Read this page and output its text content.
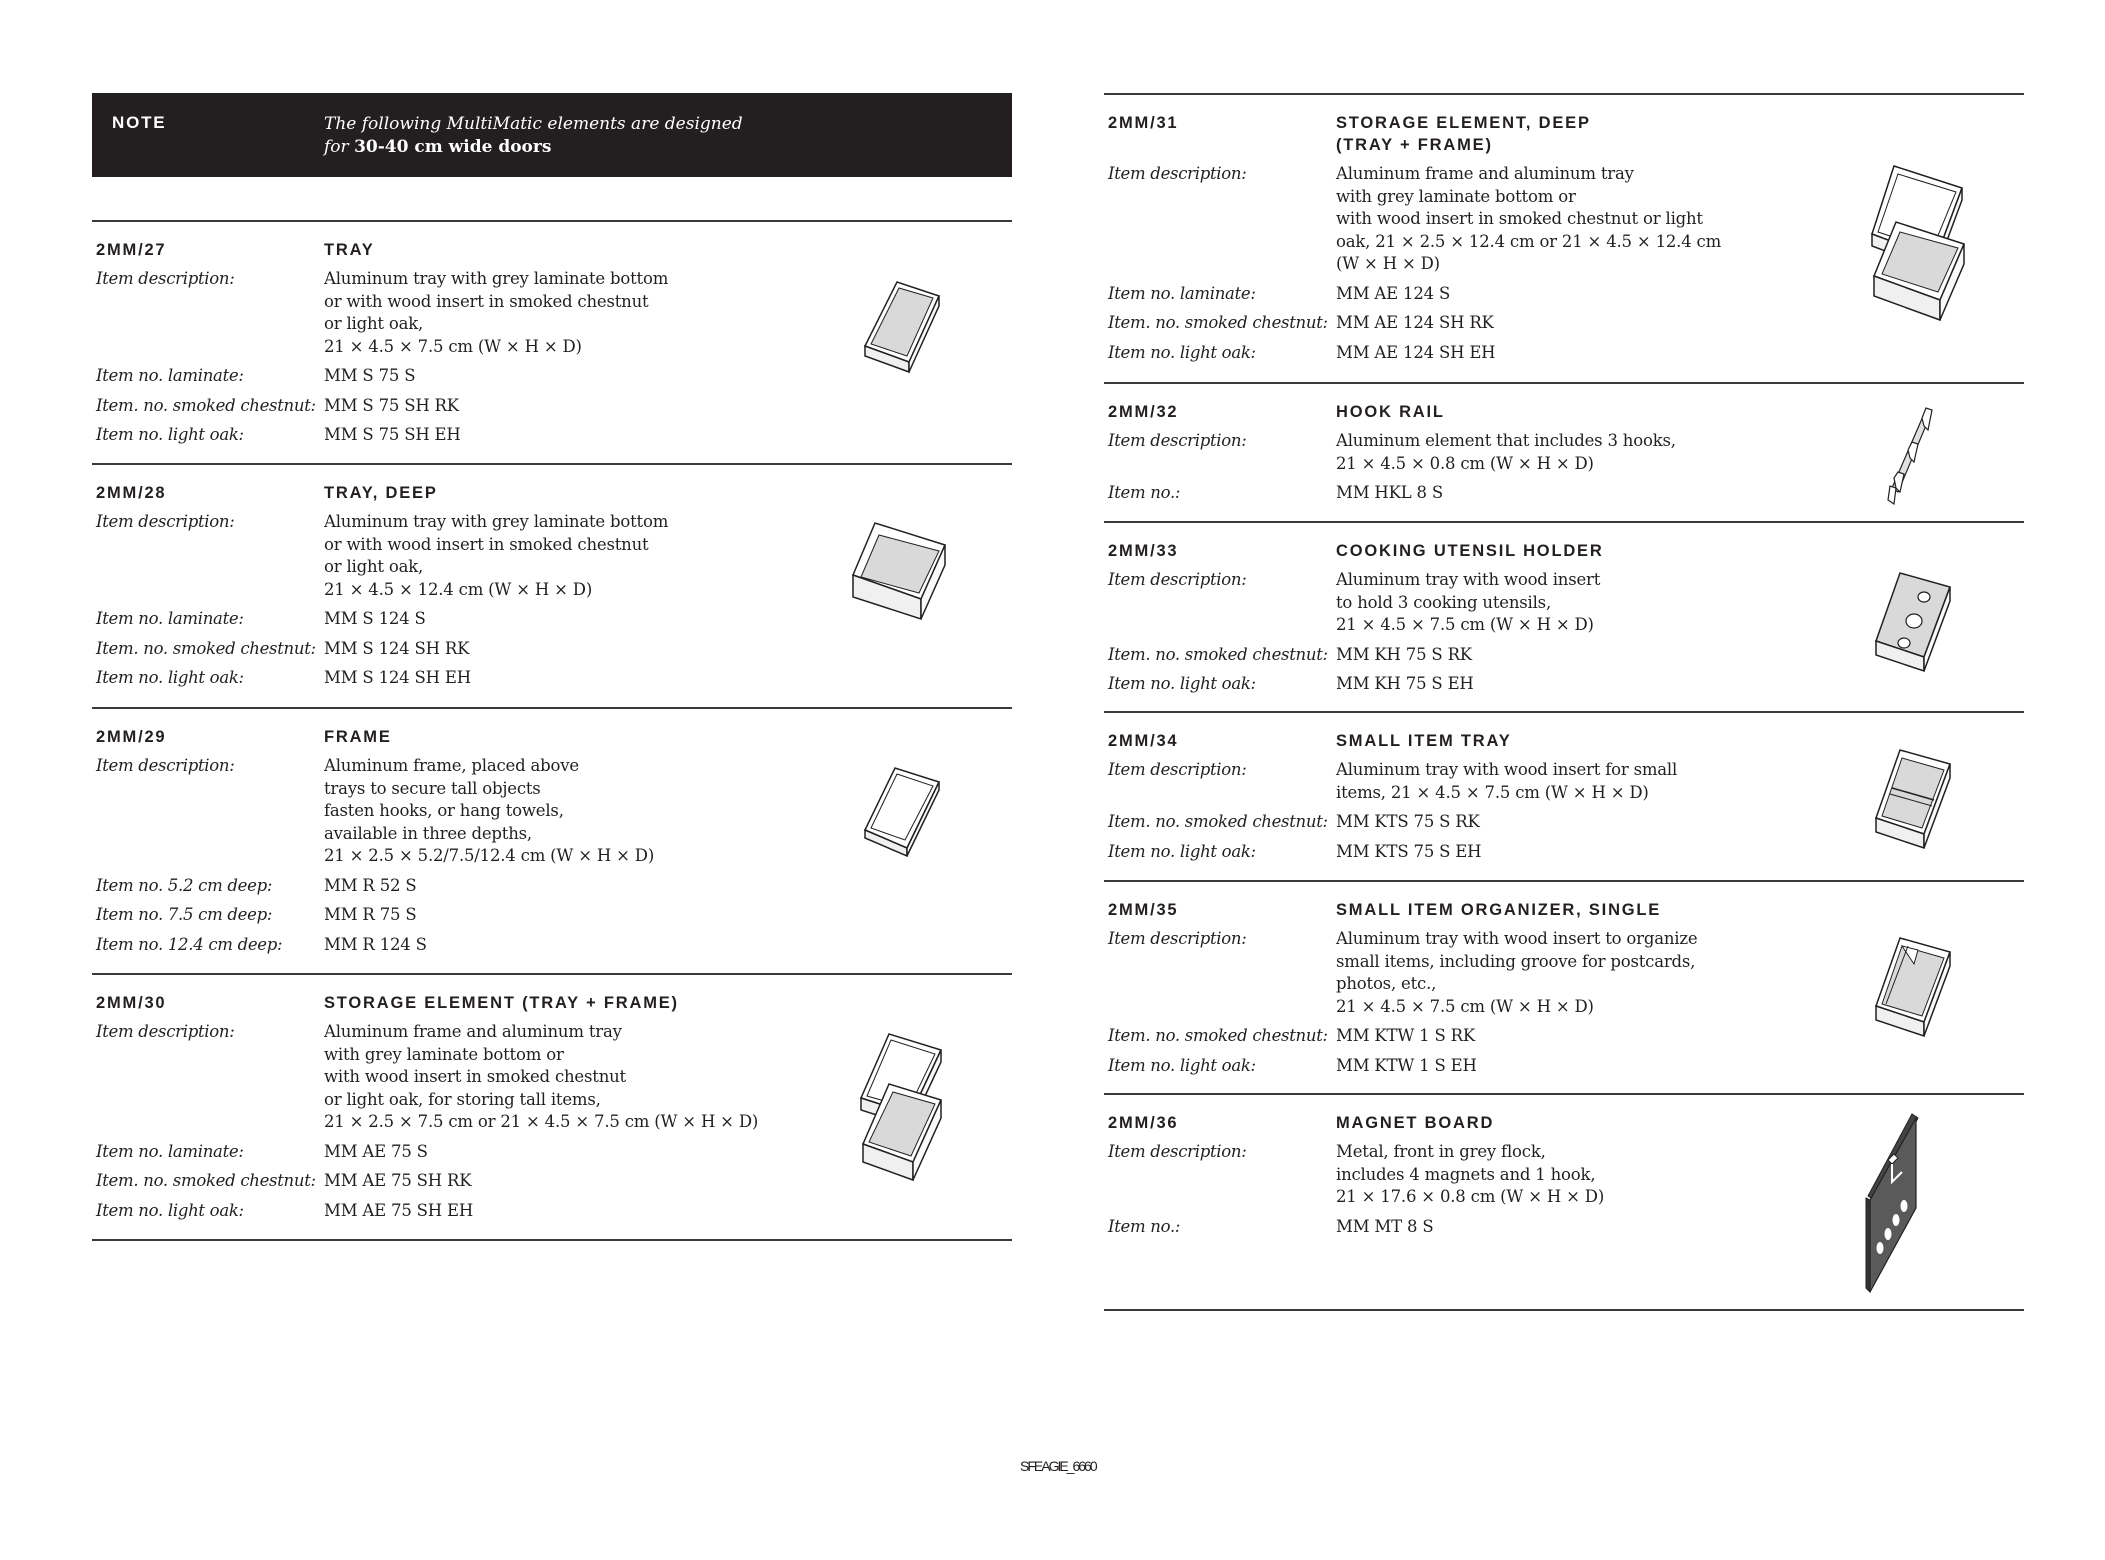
NOTE	The following MultiMatic elements are designed
for 30-40 cm wide doors
2MM/27	TRAY
Item description:	Aluminum tray with grey laminate bottom
or with wood insert in smoked chestnut
or light oak,
21 × 4.5 × 7.5 cm (W × H × D)
Item no. laminate:	MM S 75 S
Item. no. smoked chestnut: MM S 75 SH RK
Item no. light oak:	MM S 75 SH EH
2MM/28	TRAY, DEEP
Item description:	Aluminum tray with grey laminate bottom
or with wood insert in smoked chestnut
or light oak,
21 × 4.5 × 12.4 cm (W × H × D)
Item no. laminate:	MM S 124 S
Item. no. smoked chestnut: MM S 124 SH RK
Item no. light oak:	MM S 124 SH EH
2MM/29	FRAME
Item description:	Aluminum frame, placed above
trays to secure tall objects
fasten hooks, or hang towels,
available in three depths,
21 × 2.5 × 5.2/7.5/12.4 cm (W × H × D)
Item no. 5.2 cm deep:	MM R 52 S
Item no. 7.5 cm deep:	MM R 75 S
Item no. 12.4 cm deep:	MM R 124 S
2MM/30	STORAGE ELEMENT (TRAY + FRAME)
Item description:	Aluminum frame and aluminum tray
with grey laminate bottom or
with wood insert in smoked chestnut
or light oak, for storing tall items,
21 × 2.5 × 7.5 cm or 21 × 4.5 × 7.5 cm (W × H × D)
Item no. laminate:	MM AE 75 S
Item. no. smoked chestnut: MM AE 75 SH RK
Item no. light oak:	MM AE 75 SH EH
2MM/31	STORAGE ELEMENT, DEEP
(TRAY + FRAME)
Item description:	Aluminum frame and aluminum tray
with grey laminate bottom or
with wood insert in smoked chestnut or light
oak, 21 × 2.5 × 12.4 cm or 21 × 4.5 × 12.4 cm
(W × H × D)
Item no. laminate:	MM AE 124 S
Item. no. smoked chestnut: MM AE 124 SH RK
Item no. light oak:	MM AE 124 SH EH
2MM/32	HOOK RAIL
Item description:	Aluminum element that includes 3 hooks,
21 × 4.5 × 0.8 cm (W × H × D)
Item no.:	MM HKL 8 S
2MM/33	COOKING UTENSIL HOLDER
Item description:	Aluminum tray with wood insert
to hold 3 cooking utensils,
21 × 4.5 × 7.5 cm (W × H × D)
Item. no. smoked chestnut: MM KH 75 S RK
Item no. light oak:	MM KH 75 S EH
2MM/34	SMALL ITEM TRAY
Item description:	Aluminum tray with wood insert for small
items, 21 × 4.5 × 7.5 cm (W × H × D)
Item. no. smoked chestnut: MM KTS 75 S RK
Item no. light oak:	MM KTS 75 S EH
2MM/35	SMALL ITEM ORGANIZER, SINGLE
Item description:	Aluminum tray with wood insert to organize
small items, including groove for postcards,
photos, etc.,
21 × 4.5 × 7.5 cm (W × H × D)
Item. no. smoked chestnut: MM KTW 1 S RK
Item no. light oak:	MM KTW 1 S EH
2MM/36	MAGNET BOARD
Item description:	Metal, front in grey flock,
includes 4 magnets and 1 hook,
21 × 17.6 × 0.8 cm (W × H × D)
Item no.:	MM MT 8 S
SFEAGIE_6660
